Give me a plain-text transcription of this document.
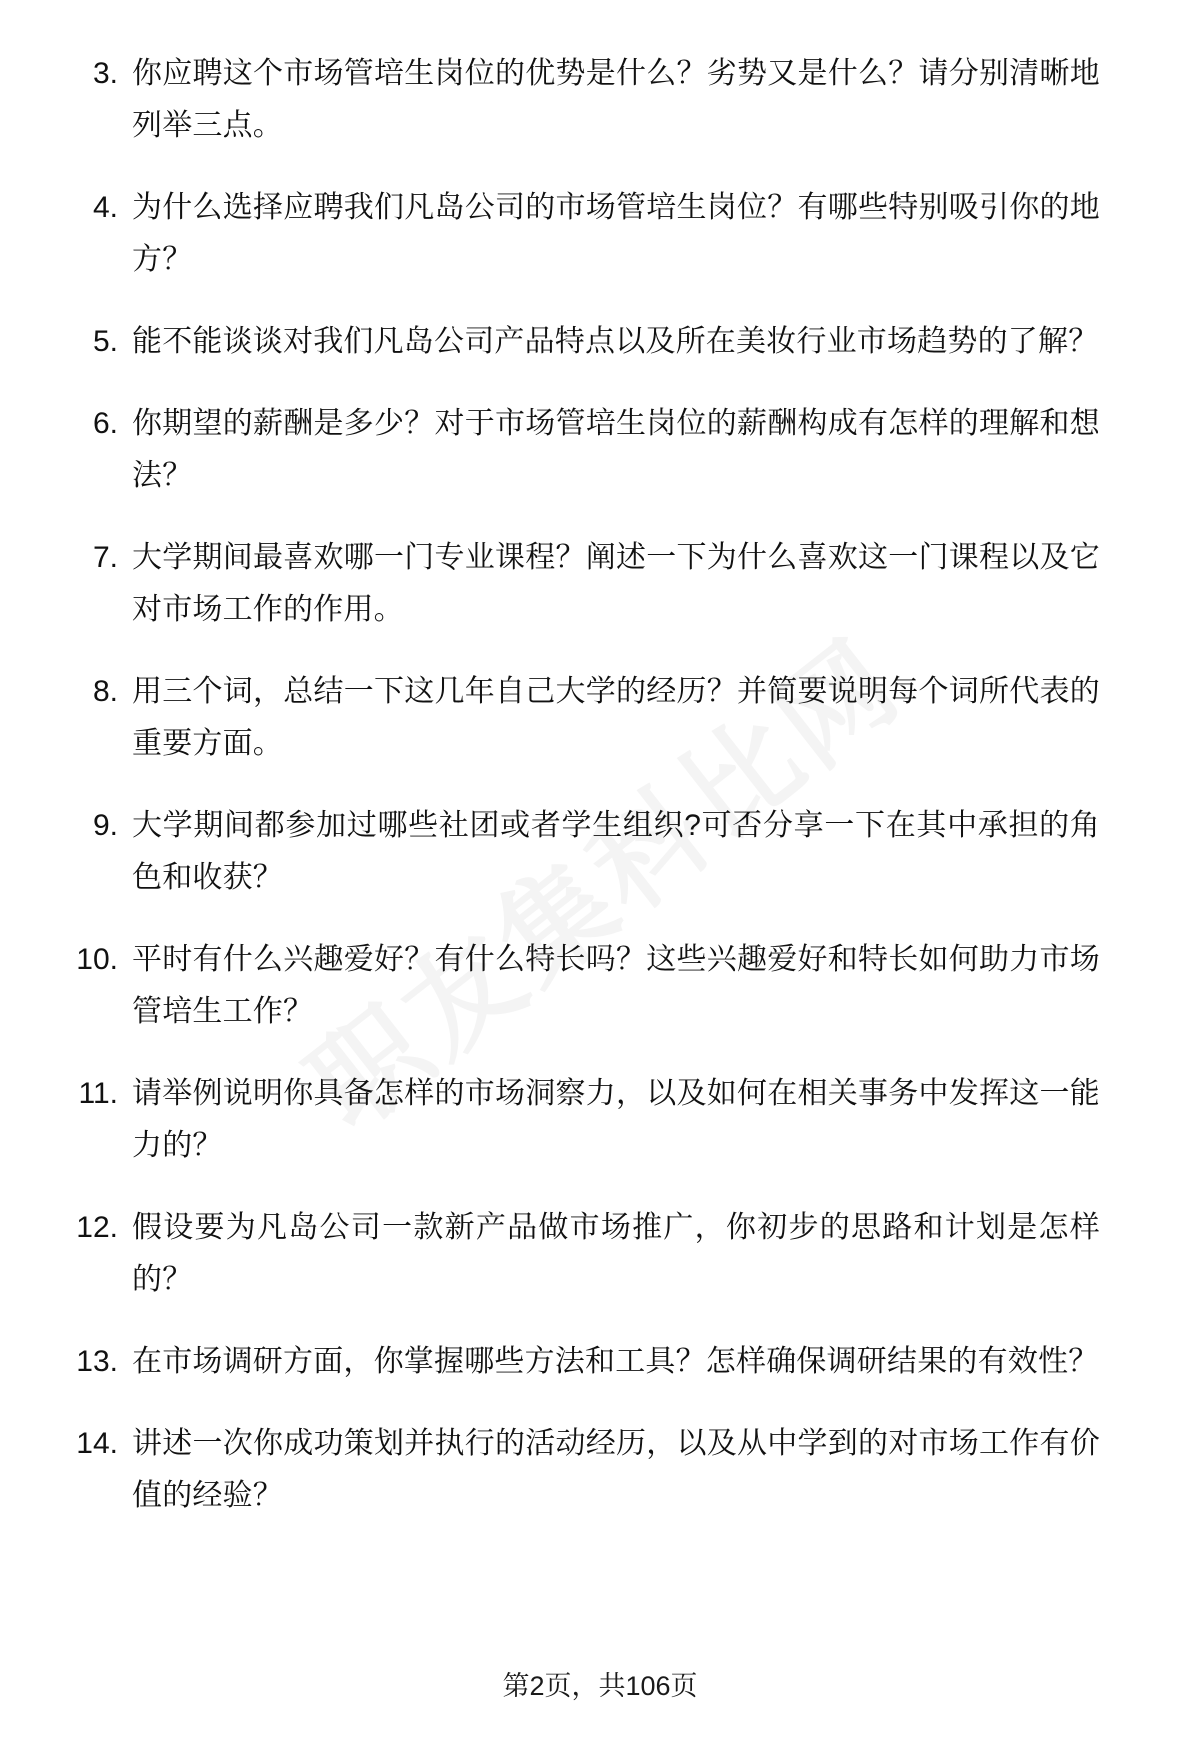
3. 你应聘这个市场管培生岗位的优势是什么？劣势又是什么？请分别清晰地列举三点。
4. 为什么选择应聘我们凡岛公司的市场管培生岗位？有哪些特别吸引你的地方？
5. 能不能谈谈对我们凡岛公司产品特点以及所在美妆行业市场趋势的了解？
6. 你期望的薪酬是多少？对于市场管培生岗位的薪酬构成有怎样的理解和想法？
7. 大学期间最喜欢哪一门专业课程？阐述一下为什么喜欢这一门课程以及它对市场工作的作用。
8. 用三个词，总结一下这几年自己大学的经历？并简要说明每个词所代表的重要方面。
9. 大学期间都参加过哪些社团或者学生组织?可否分享一下在其中承担的角色和收获？
10. 平时有什么兴趣爱好？有什么特长吗？这些兴趣爱好和特长如何助力市场管培生工作？
11. 请举例说明你具备怎样的市场洞察力，以及如何在相关事务中发挥这一能力的？
12. 假设要为凡岛公司一款新产品做市场推广，你初步的思路和计划是怎样的？
13. 在市场调研方面，你掌握哪些方法和工具？怎样确保调研结果的有效性？
14. 讲述一次你成功策划并执行的活动经历，以及从中学到的对市场工作有价值的经验？
第2页，共106页
